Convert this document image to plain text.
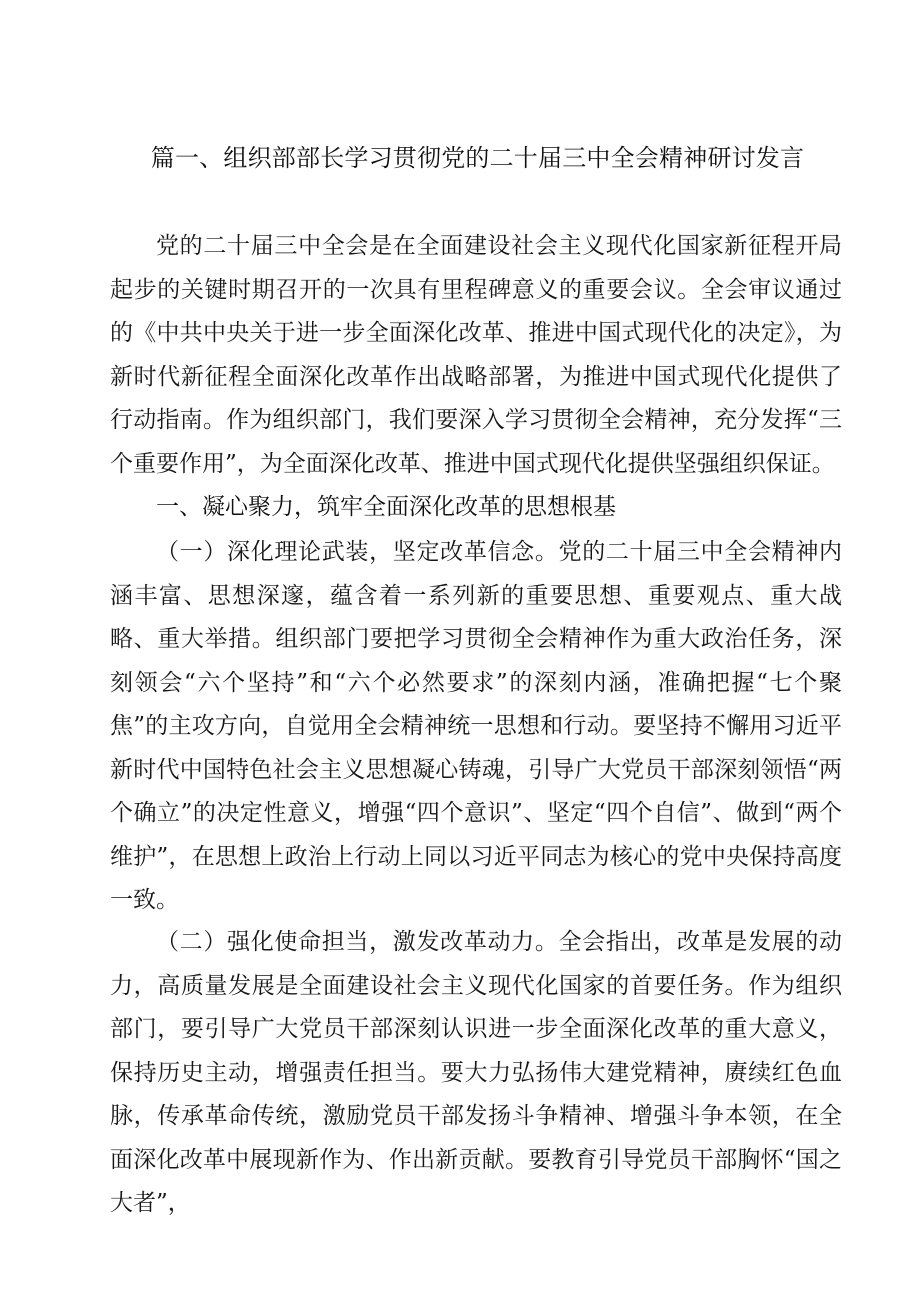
篇一、组织部部长学习贯彻党的二十届三中全会精神研讨发言

党的二十届三中全会是在全面建设社会主义现代化国家新征程开局起步的关键时期召开的一次具有里程碑意义的重要会议。全会审议通过的《中共中央关于进一步全面深化改革、推进中国式现代化的决定》，为新时代新征程全面深化改革作出战略部署，为推进中国式现代化提供了行动指南。作为组织部门，我们要深入学习贯彻全会精神，充分发挥“三个重要作用”，为全面深化改革、推进中国式现代化提供坚强组织保证。

一、凝心聚力，筑牢全面深化改革的思想根基

（一）深化理论武装，坚定改革信念。党的二十届三中全会精神内涵丰富、思想深邃，蕴含着一系列新的重要思想、重要观点、重大战略、重大举措。组织部门要把学习贯彻全会精神作为重大政治任务，深刻领会“六个坚持”和“六个必然要求”的深刻内涵，准确把握“七个聚焦”的主攻方向，自觉用全会精神统一思想和行动。要坚持不懈用习近平新时代中国特色社会主义思想凝心铸魂，引导广大党员干部深刻领悟“两个确立”的决定性意义，增强“四个意识”、坚定“四个自信”、做到“两个维护”，在思想上政治上行动上同以习近平同志为核心的党中央保持高度一致。

（二）强化使命担当，激发改革动力。全会指出，改革是发展的动力，高质量发展是全面建设社会主义现代化国家的首要任务。作为组织部门，要引导广大党员干部深刻认识进一步全面深化改革的重大意义，保持历史主动，增强责任担当。要大力弘扬伟大建党精神，赓续红色血脉，传承革命传统，激励党员干部发扬斗争精神、增强斗争本领，在全面深化改革中展现新作为、作出新贡献。要教育引导党员干部胸怀“国之大者”，
